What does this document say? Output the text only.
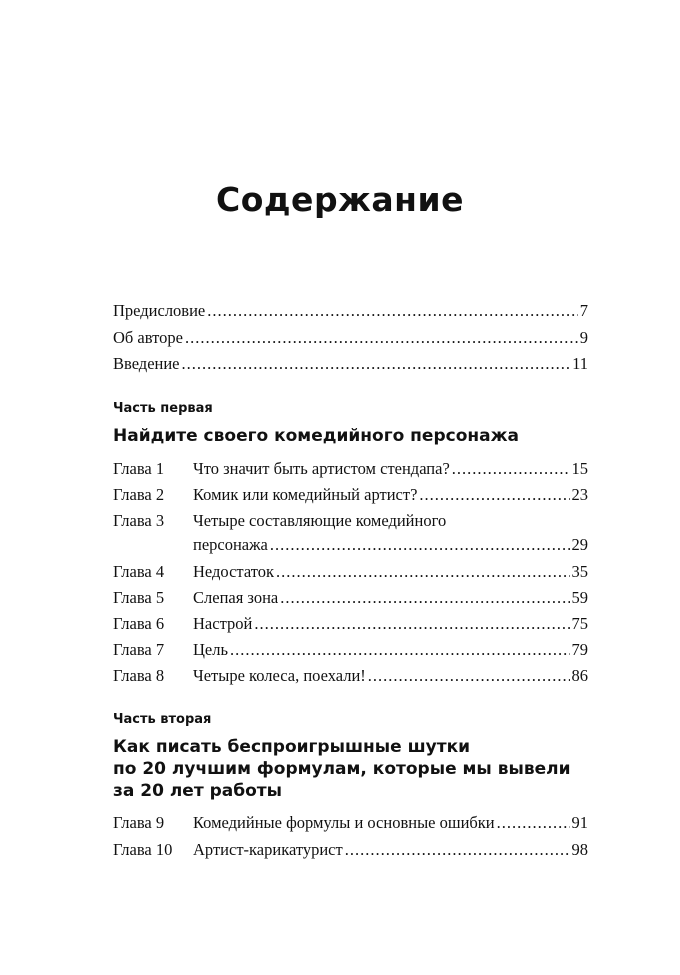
Содержание
Предисловие .....	7
Об авторе .....	9
Введение .....	11
Часть первая
Найдите своего комедийного персонажа
Глава 1	Что значит быть артистом стендапа? .....	15
Глава 2	Комик или комедийный артист? .....	23
Глава 3	Четыре составляющие комедийного
персонажа .....	29
Глава 4	Недостаток .....	35
Глава 5	Слепая зона .....	59
Глава 6	Настрой .....	75
Глава 7	Цель .....	79
Глава 8	Четыре колеса, поехали! .....	86
Часть вторая
Как писать беспроигрышные шутки
по 20 лучшим формулам, которые мы вывели
за 20 лет работы
Глава 9	Комедийные формулы и основные ошибки .....	91
Глава 10	Артист-карикатурист .....	98
